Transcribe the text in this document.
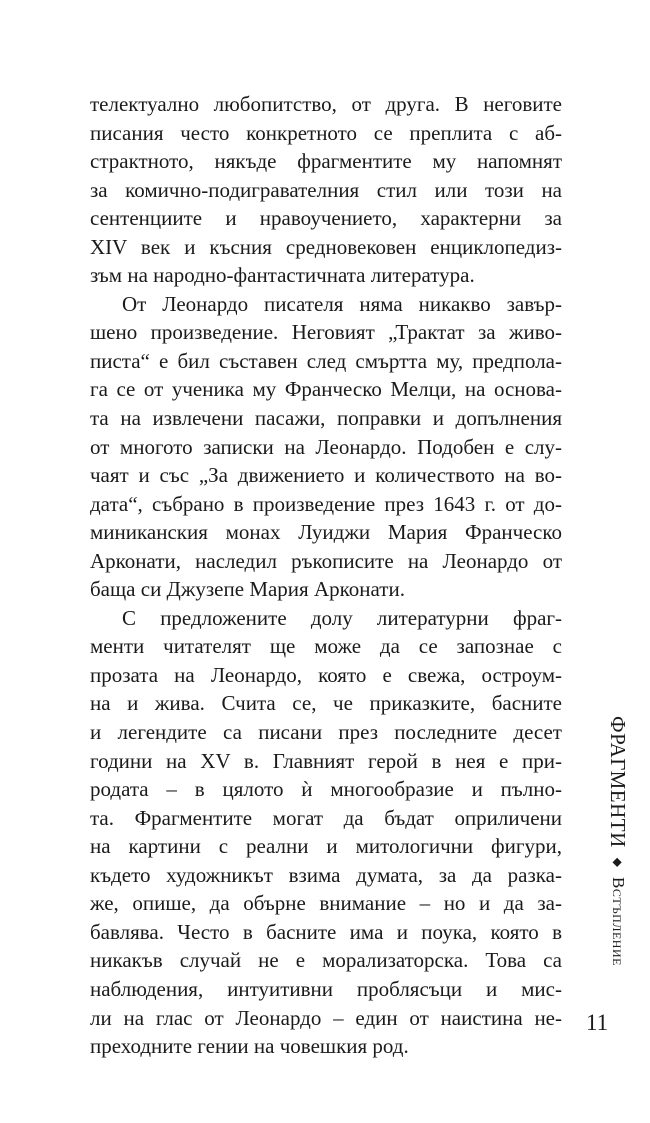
телектуално любопитство, от друга. В неговите
писания често конкретното се преплита с аб-
страктното, някъде фрагментите му напомнят
за комично-подигравателния стил или този на
сентенциите и нравоучението, характерни за
XIV век и късния средновековен енциклопедиз-
зъм на народно-фантастичната литература.
От Леонардо писателя няма никакво завър-
шено произведение. Неговият „Трактат за живо-
писта“ е бил съставен след смъртта му, предпола-
га се от ученика му Франческо Мелци, на основа-
та на извлечени пасажи, поправки и допълнения
от многото записки на Леонардо. Подобен е слу-
чаят и със „За движението и количеството на во-
дата“, събрано в произведение през 1643 г. от до-
миниканския монах Луиджи Мария Франческо
Арконати, наследил ръкописите на Леонардо от
баща си Джузепе Мария Арконати.
С предложените долу литературни фраг-
менти читателят ще може да се запознае с
прозата на Леонардо, която е свежа, остроум-
на и жива. Счита се, че приказките, басните
и легендите са писани през последните десет
години на XV в. Главният герой в нея е при-
родата – в цялото ѝ многообразие и пълно-
та. Фрагментите могат да бъдат оприличени
на картини с реални и митологични фигури,
където художникът взима думата, за да разка-
же, опише, да обърне внимание – но и да за-
бавлява. Често в басните има и поука, която в
никакъв случай не е морализаторска. Това са
наблюдения, интуитивни проблясъци и мис-
ли на глас от Леонардо – един от наистина не-
преходните гении на човешкия род.
ФРАГМЕНТИ
◆
Встъпление
11
